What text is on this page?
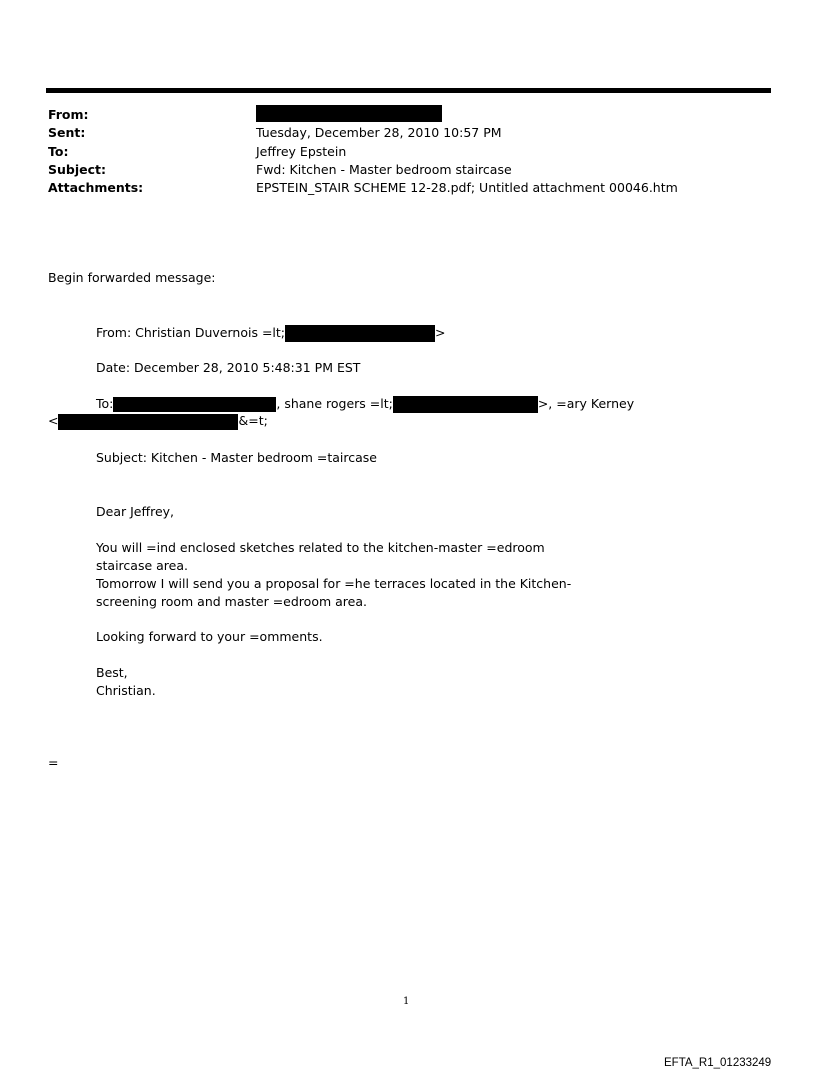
From:
Sent:	Tuesday, December 28, 2010 10:57 PM
To:	Jeffrey Epstein
Subject:	Fwd: Kitchen - Master bedroom staircase
Attachments:	EPSTEIN_STAIR SCHEME 12-28.pdf; Untitled attachment 00046.htm
Begin forwarded message:
From: Christian Duvernois =lt;	>
Date: December 28, 2010 5:48:31 PM EST
To:	, shane rogers =lt;	>, =ary Kerney
<	&=t;
Subject: Kitchen - Master bedroom =taircase
Dear Jeffrey,
You will =ind enclosed sketches related to the kitchen-master =edroom
staircase area.
Tomorrow I will send you a proposal for =he terraces located in the Kitchen-
screening room and master =edroom area.
Looking forward to your =omments.
Best,
Christian.
=
1
EFTA_R1_01233249
